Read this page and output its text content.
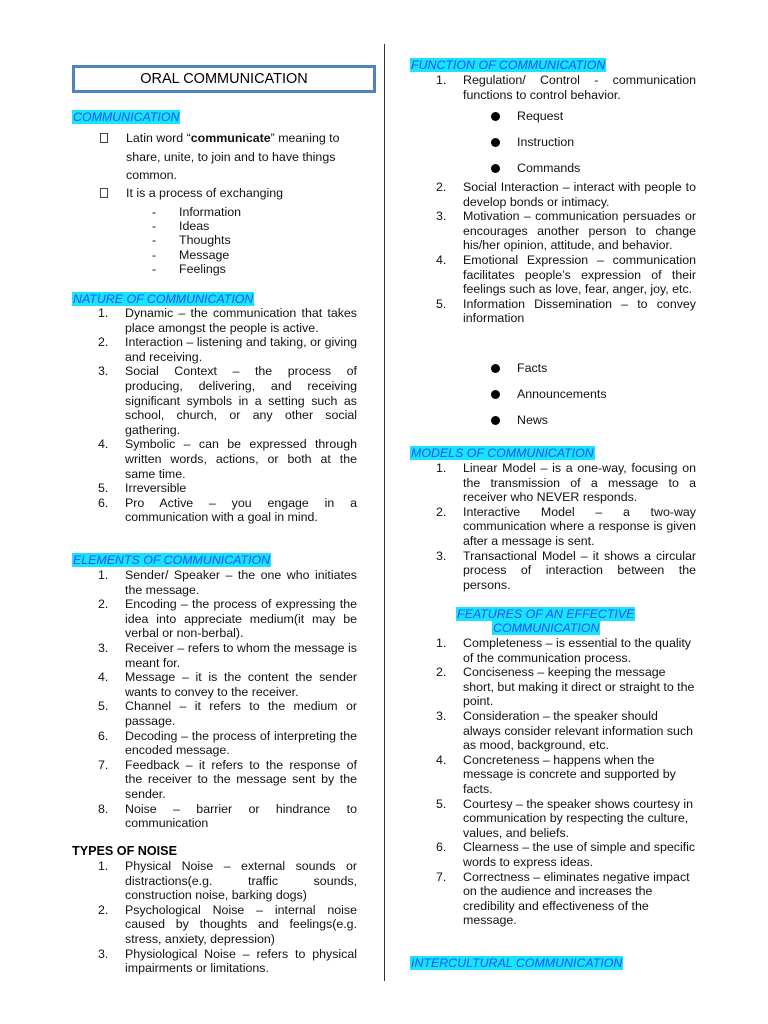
ORAL COMMUNICATION
COMMUNICATION
Latin word “communicate” meaning to share, unite, to join and to have things common.
It is a process of exchanging
- Information
- Ideas
- Thoughts
- Message
- Feelings
NATURE OF COMMUNICATION
1. Dynamic – the communication that takes place amongst the people is active.
2. Interaction – listening and taking, or giving and receiving.
3. Social Context – the process of producing, delivering, and receiving significant symbols in a setting such as school, church, or any other social gathering.
4. Symbolic – can be expressed through written words, actions, or both at the same time.
5. Irreversible
6. Pro Active – you engage in a communication with a goal in mind.
ELEMENTS OF COMMUNICATION
1. Sender/ Speaker – the one who initiates the message.
2. Encoding – the process of expressing the idea into appreciate medium(it may be verbal or non-berbal).
3. Receiver – refers to whom the message is meant for.
4. Message – it is the content the sender wants to convey to the receiver.
5. Channel – it refers to the medium or passage.
6. Decoding – the process of interpreting the encoded message.
7. Feedback – it refers to the response of the receiver to the message sent by the sender.
8. Noise – barrier or hindrance to communication
TYPES OF NOISE
1. Physical Noise – external sounds or distractions(e.g. traffic sounds, construction noise, barking dogs)
2. Psychological Noise – internal noise caused by thoughts and feelings(e.g. stress, anxiety, depression)
3. Physiological Noise – refers to physical impairments or limitations.
FUNCTION OF COMMUNICATION
1. Regulation/ Control - communication functions to control behavior.
Request
Instruction
Commands
2. Social Interaction – interact with people to develop bonds or intimacy.
3. Motivation – communication persuades or encourages another person to change his/her opinion, attitude, and behavior.
4. Emotional Expression – communication facilitates people’s expression of their feelings such as love, fear, anger, joy, etc.
5. Information Dissemination – to convey information
Facts
Announcements
News
MODELS OF COMMUNICATION
1. Linear Model – is a one-way, focusing on the transmission of a message to a receiver who NEVER responds.
2. Interactive Model – a two-way communication where a response is given after a message is sent.
3. Transactional Model – it shows a circular process of interaction between the persons.
FEATURES OF AN EFFECTIVE
COMMUNICATION
1. Completeness – is essential to the quality of the communication process.
2. Conciseness – keeping the message short, but making it direct or straight to the point.
3. Consideration – the speaker should always consider relevant information such as mood, background, etc.
4. Concreteness – happens when the message is concrete and supported by facts.
5. Courtesy – the speaker shows courtesy in communication by respecting the culture, values, and beliefs.
6. Clearness – the use of simple and specific words to express ideas.
7. Correctness – eliminates negative impact on the audience and increases the credibility and effectiveness of the message.
INTERCULTURAL COMMUNICATION
